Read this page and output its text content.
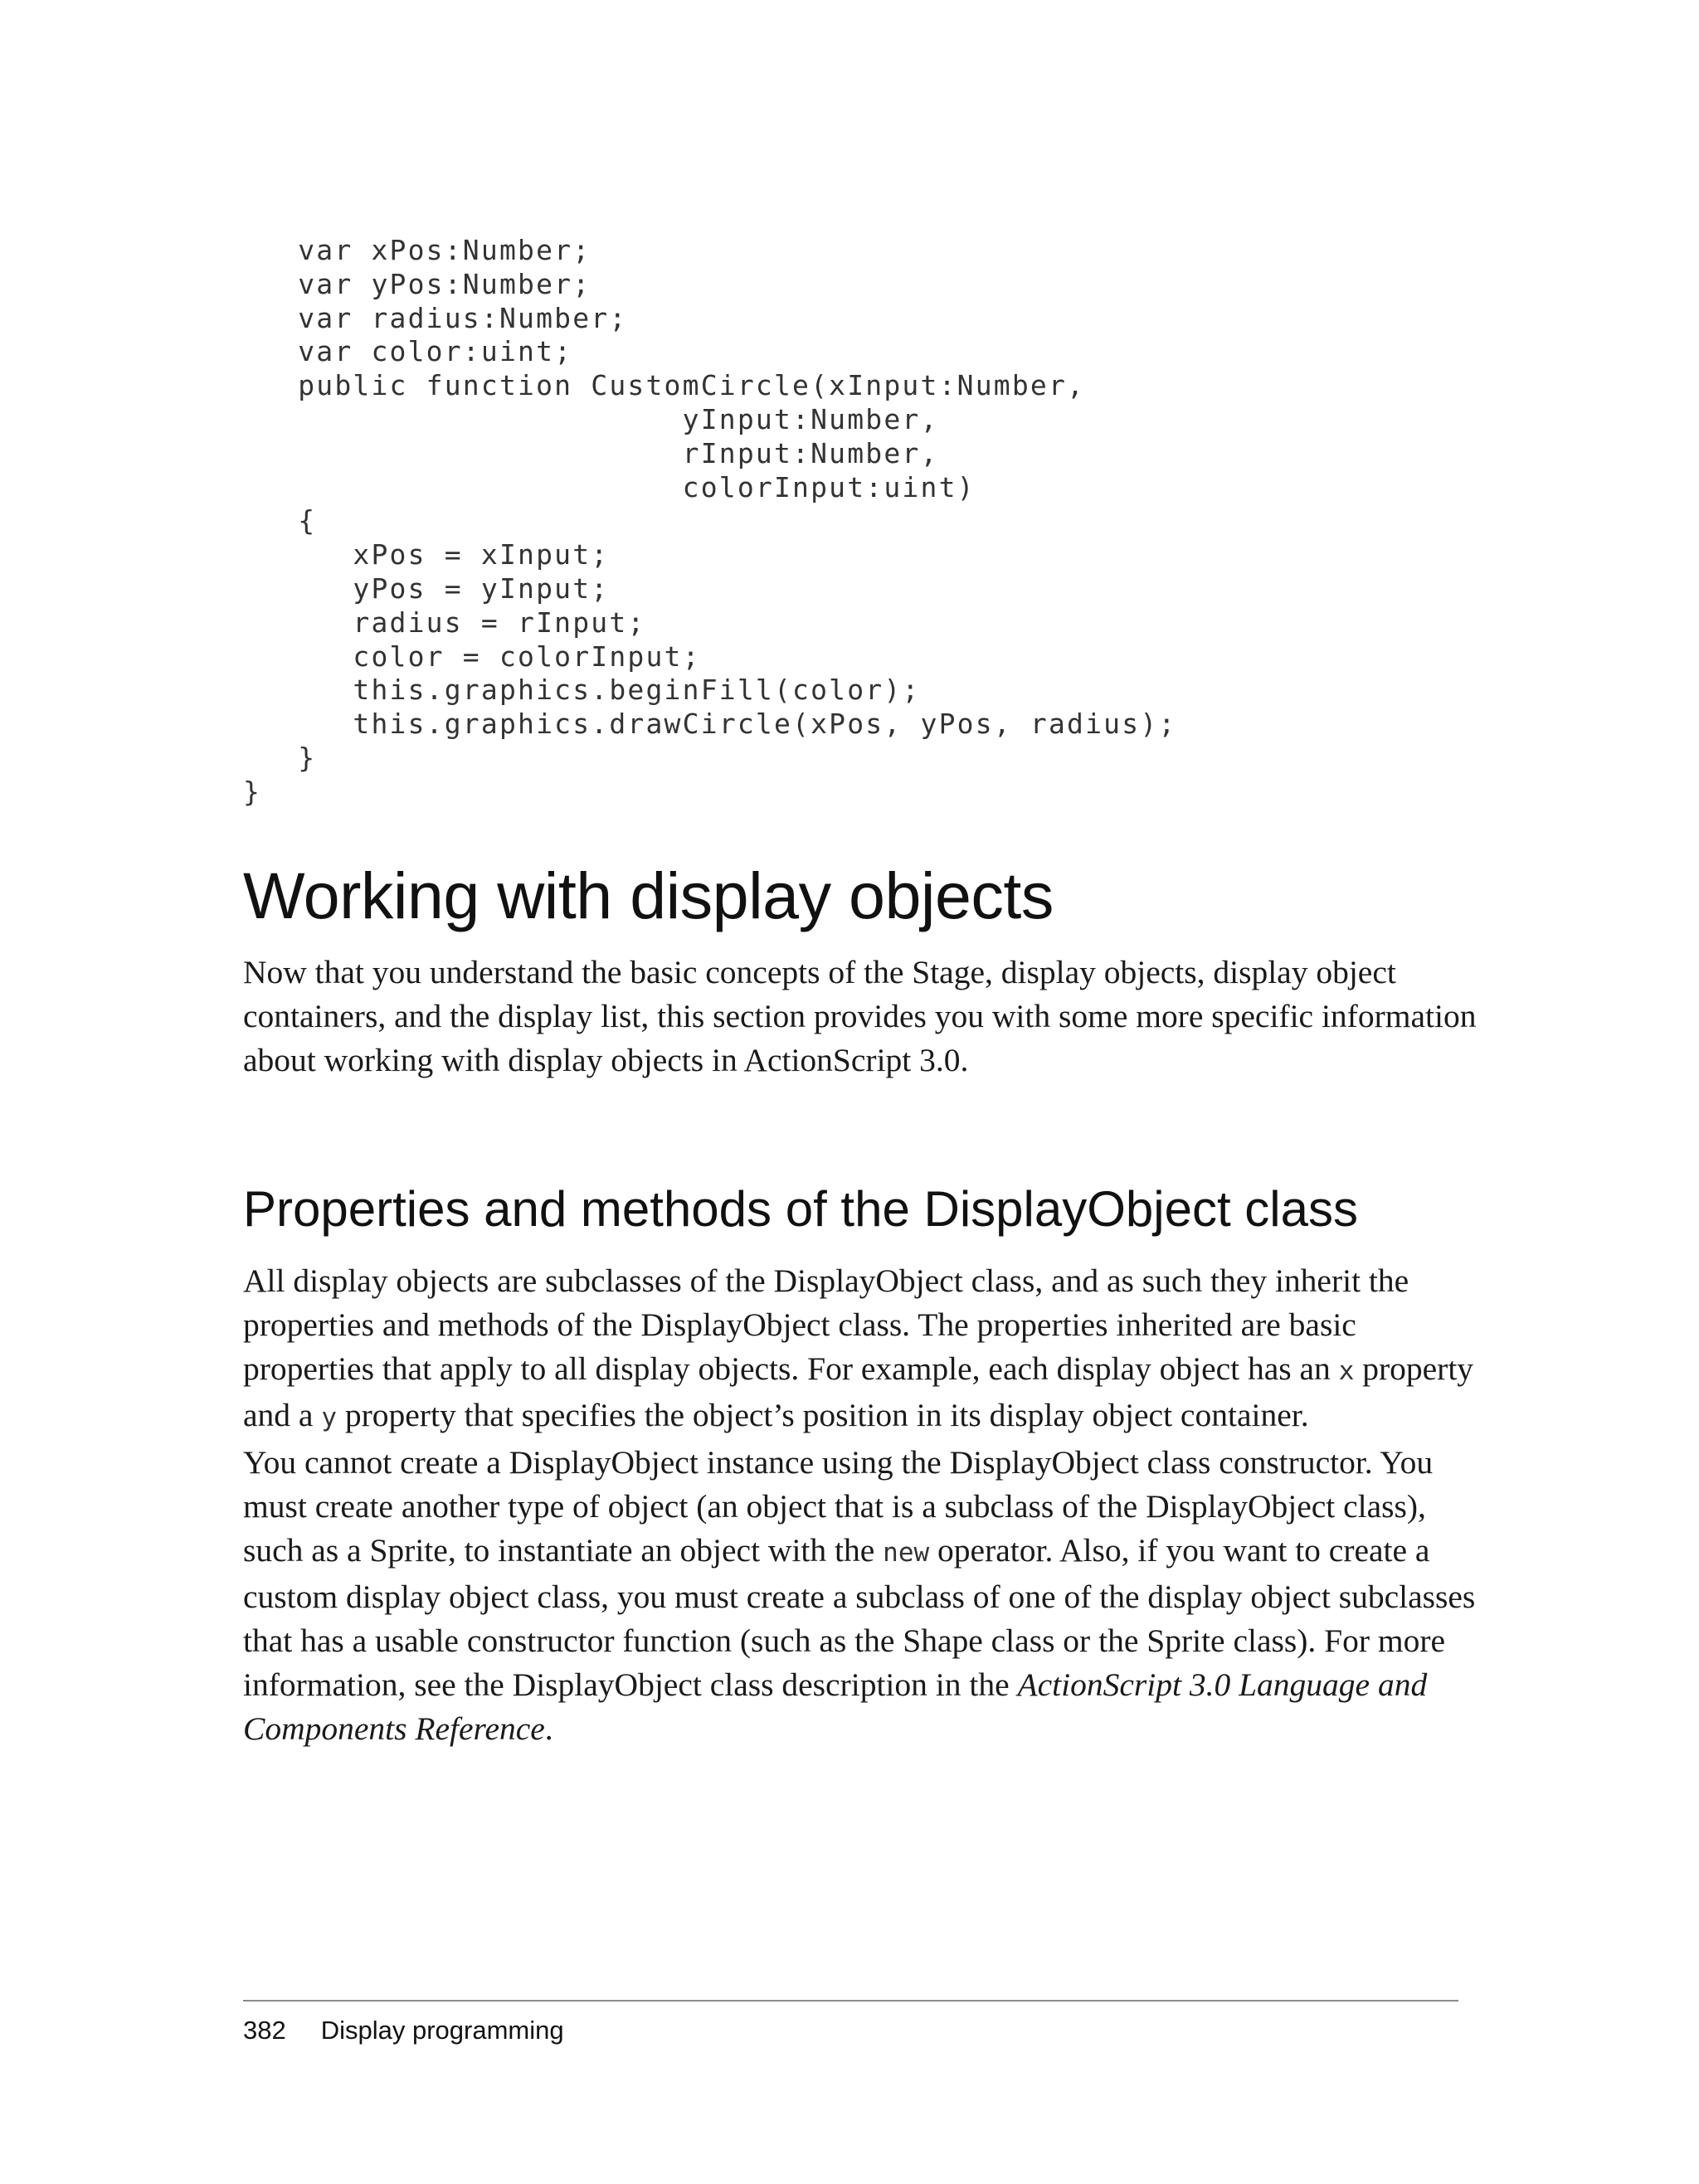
var xPos:Number;
var yPos:Number;
var radius:Number;
var color:uint;
public function CustomCircle(xInput:Number,
yInput:Number,
rInput:Number,
colorInput:uint)
{
xPos = xInput;
yPos = yInput;
radius = rInput;
color = colorInput;
this.graphics.beginFill(color);
this.graphics.drawCircle(xPos, yPos, radius);
}
}
Working with display objects

Now that you understand the basic concepts of the Stage, display objects, display object
containers, and the display list, this section provides you with some more specific information
about working with display objects in ActionScript 3.0.

Properties and methods of the DisplayObject class

All display objects are subclasses of the DisplayObject class, and as such they inherit the
properties and methods of the DisplayObject class. The properties inherited are basic
properties that apply to all display objects. For example, each display object has an x property
and a y property that specifies the object’s position in its display object container.

You cannot create a DisplayObject instance using the DisplayObject class constructor. You
must create another type of object (an object that is a subclass of the DisplayObject class),
such as a Sprite, to instantiate an object with the new operator. Also, if you want to create a
custom display object class, you must create a subclass of one of the display object subclasses
that has a usable constructor function (such as the Shape class or the Sprite class). For more
information, see the DisplayObject class description in the ActionScript 3.0 Language and
Components Reference.

382 Display programming
